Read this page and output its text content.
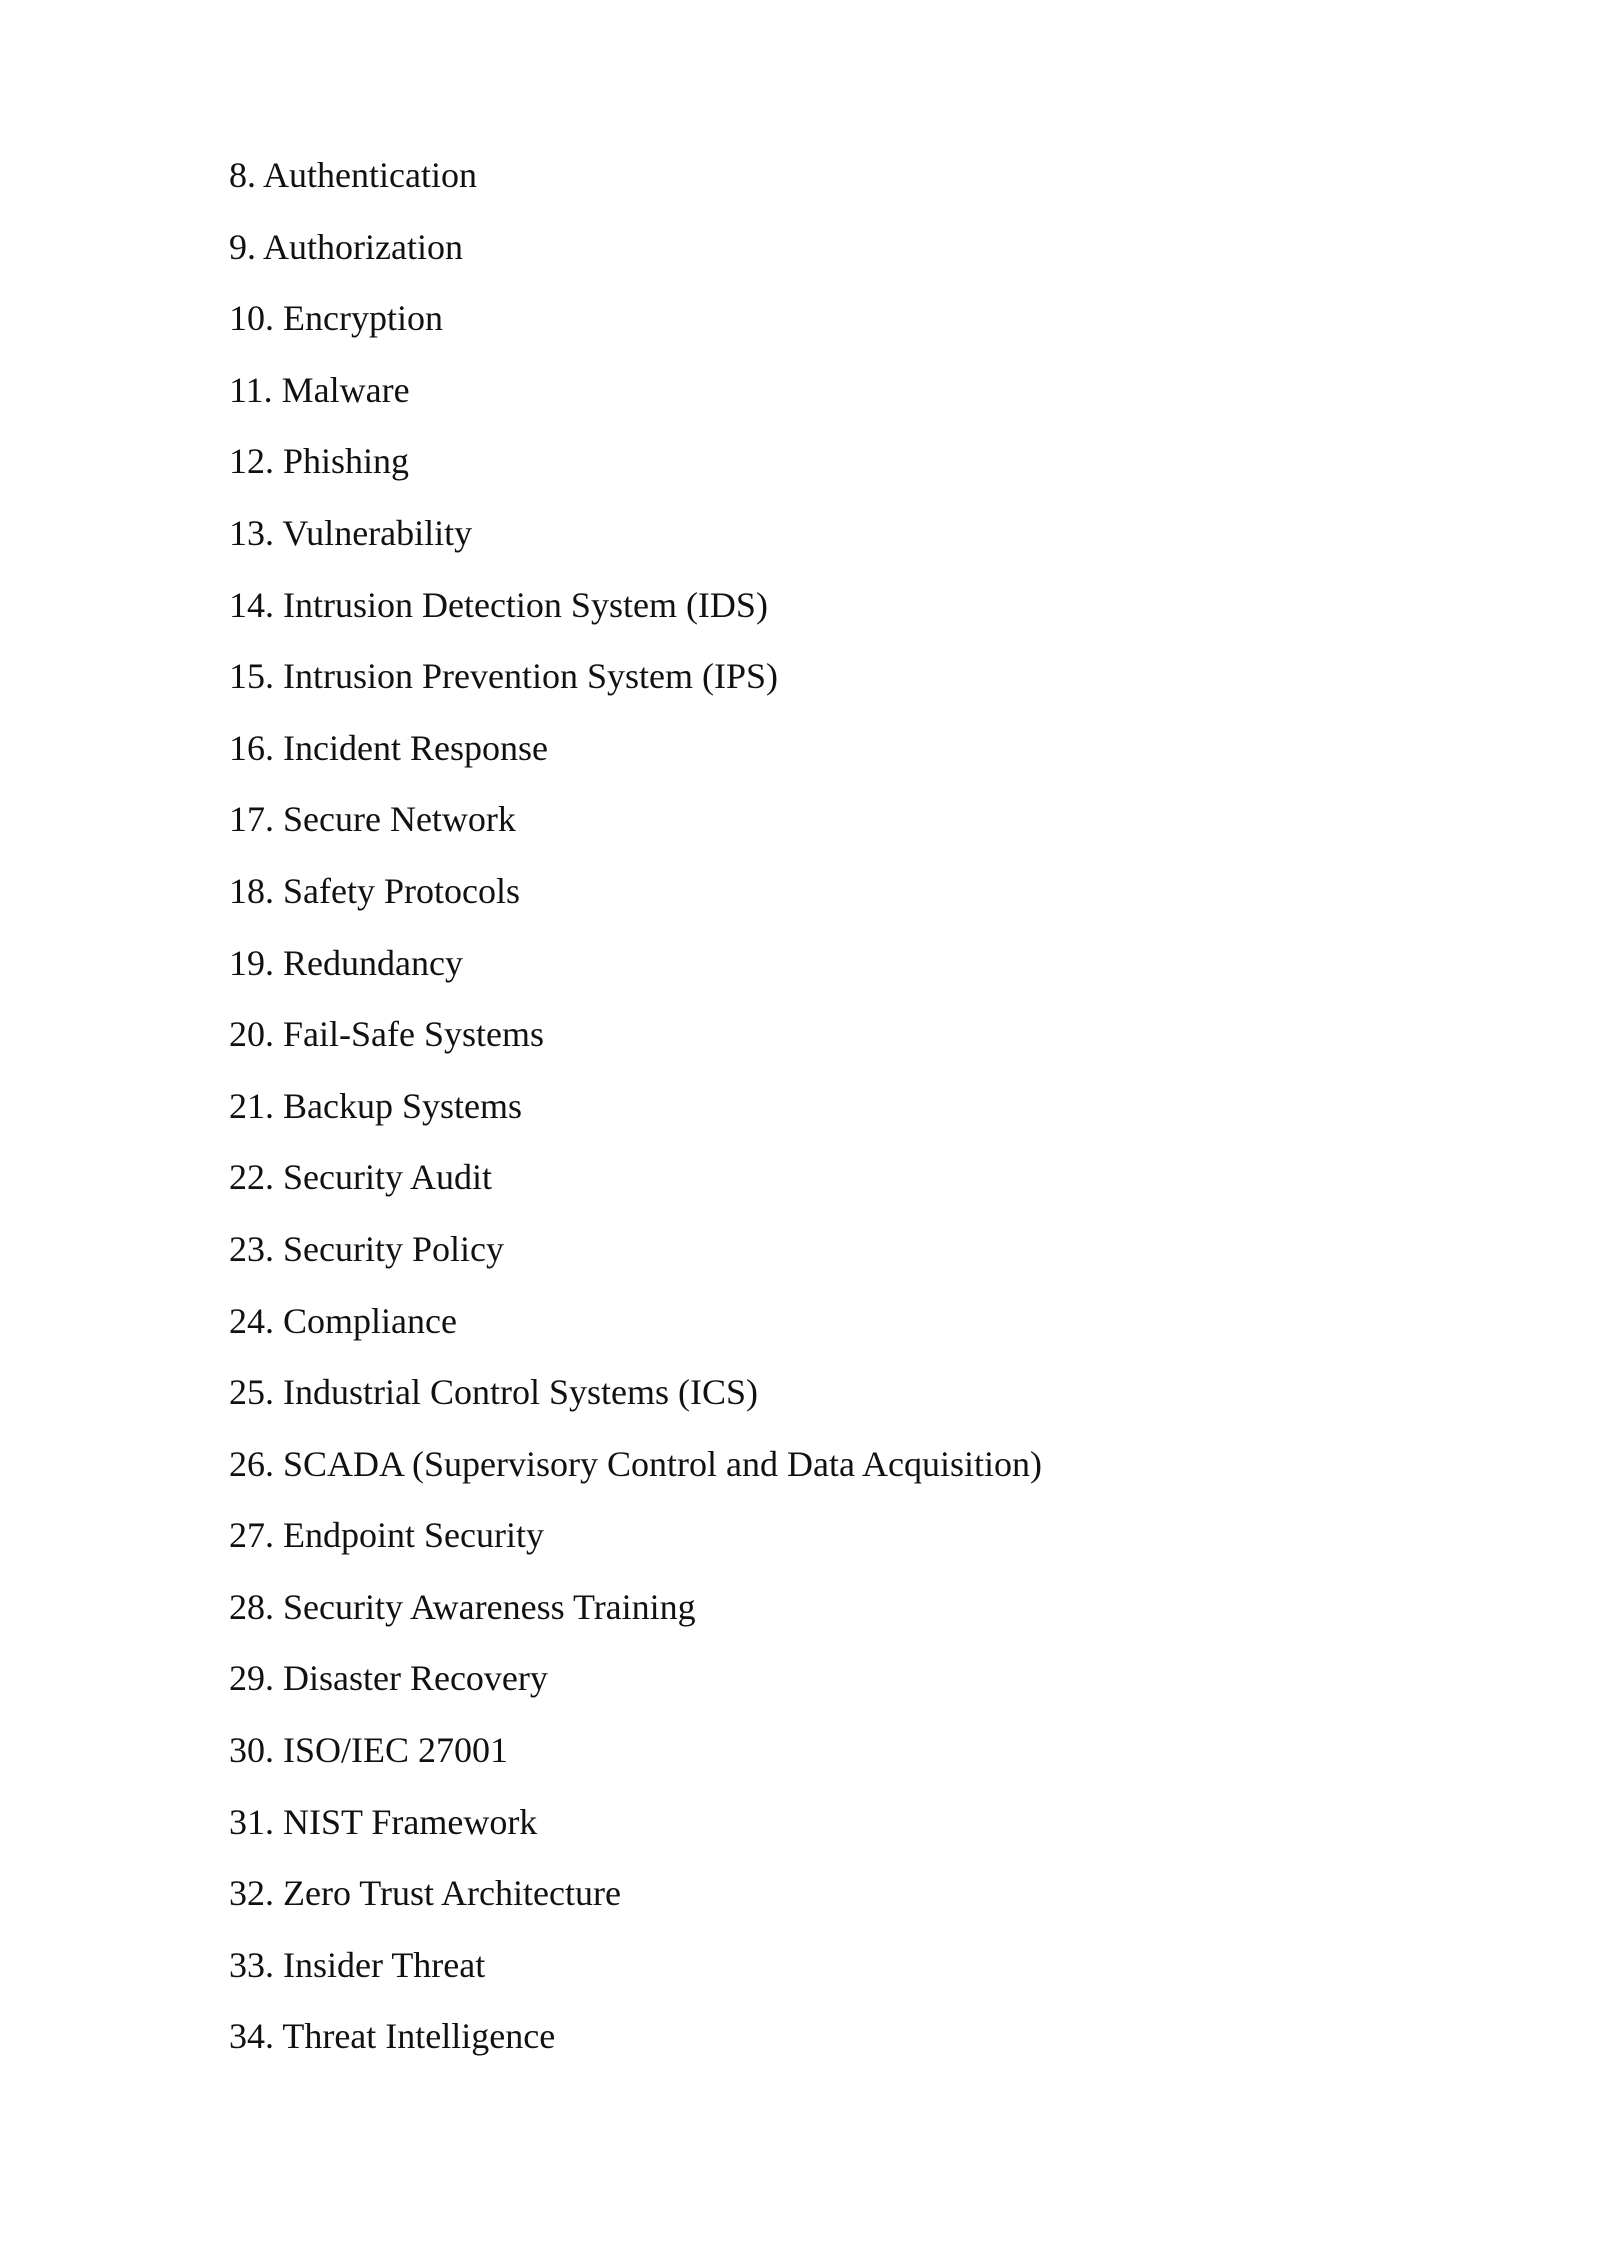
8. Authentication
9. Authorization
10. Encryption
11. Malware
12. Phishing
13. Vulnerability
14. Intrusion Detection System (IDS)
15. Intrusion Prevention System (IPS)
16. Incident Response
17. Secure Network
18. Safety Protocols
19. Redundancy
20. Fail-Safe Systems
21. Backup Systems
22. Security Audit
23. Security Policy
24. Compliance
25. Industrial Control Systems (ICS)
26. SCADA (Supervisory Control and Data Acquisition)
27. Endpoint Security
28. Security Awareness Training
29. Disaster Recovery
30. ISO/IEC 27001
31. NIST Framework
32. Zero Trust Architecture
33. Insider Threat
34. Threat Intelligence
